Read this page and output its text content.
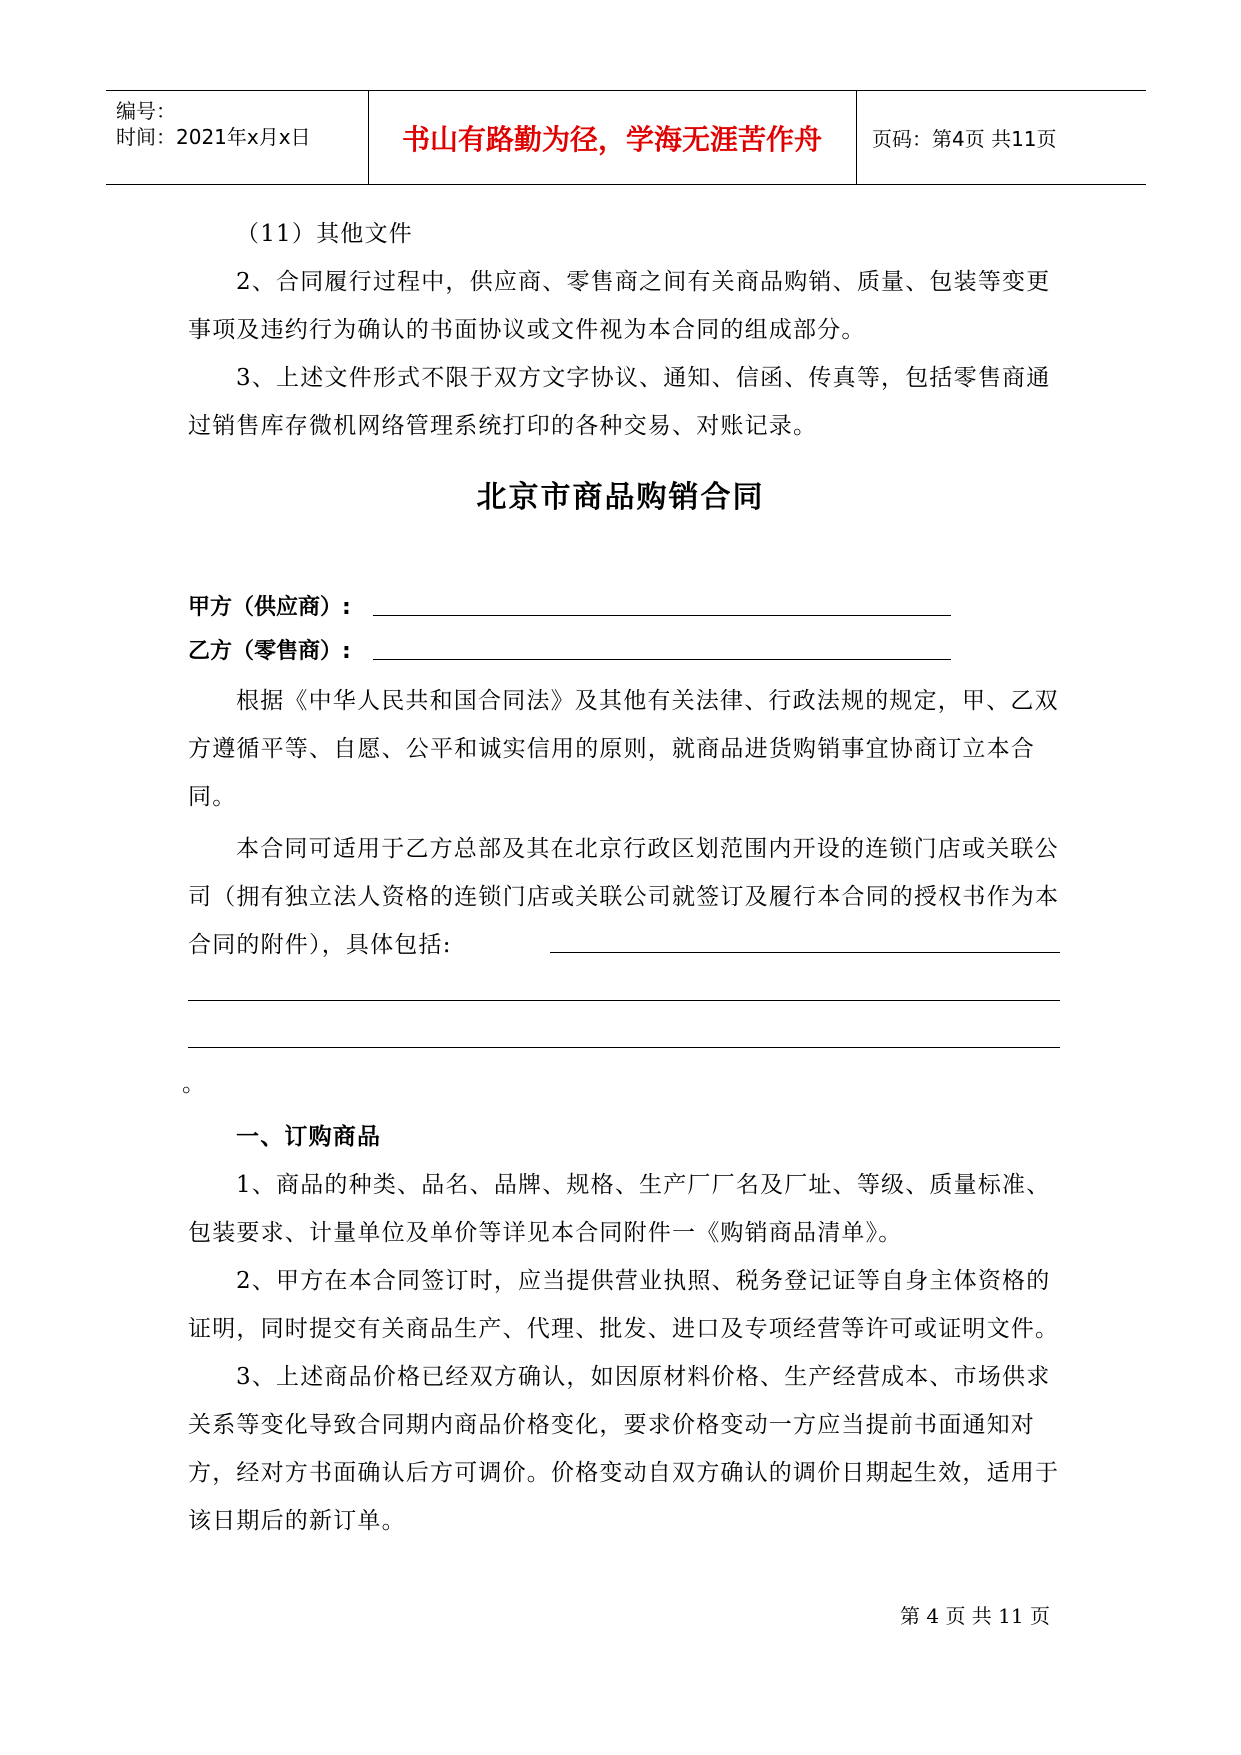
编号：
时间：2021年x月x日	书山有路勤为径，学海无涯苦作舟	页码：第4页 共11页

（11）其他文件

2、合同履行过程中，供应商、零售商之间有关商品购销、质量、包装等变更事项及违约行为确认的书面协议或文件视为本合同的组成部分。

3、上述文件形式不限于双方文字协议、通知、信函、传真等，包括零售商通过销售库存微机网络管理系统打印的各种交易、对账记录。

北京市商品购销合同
甲方（供应商）:
乙方（零售商）:

根据《中华人民共和国合同法》及其他有关法律、行政法规的规定，甲、乙双方遵循平等、自愿、公平和诚实信用的原则，就商品进货购销事宜协商订立本合同。

本合同可适用于乙方总部及其在北京行政区划范围内开设的连锁门店或关联公司（拥有独立法人资格的连锁门店或关联公司就签订及履行本合同的授权书作为本合同的附件），具体包括:

。

一、订购商品

1、商品的种类、品名、品牌、规格、生产厂厂名及厂址、等级、质量标准、包装要求、计量单位及单价等详见本合同附件一《购销商品清单》。

2、甲方在本合同签订时，应当提供营业执照、税务登记证等自身主体资格的证明，同时提交有关商品生产、代理、批发、进口及专项经营等许可或证明文件。

3、上述商品价格已经双方确认，如因原材料价格、生产经营成本、市场供求关系等变化导致合同期内商品价格变化，要求价格变动一方应当提前书面通知对方，经对方书面确认后方可调价。价格变动自双方确认的调价日期起生效，适用于该日期后的新订单。

第 4 页 共 11 页
